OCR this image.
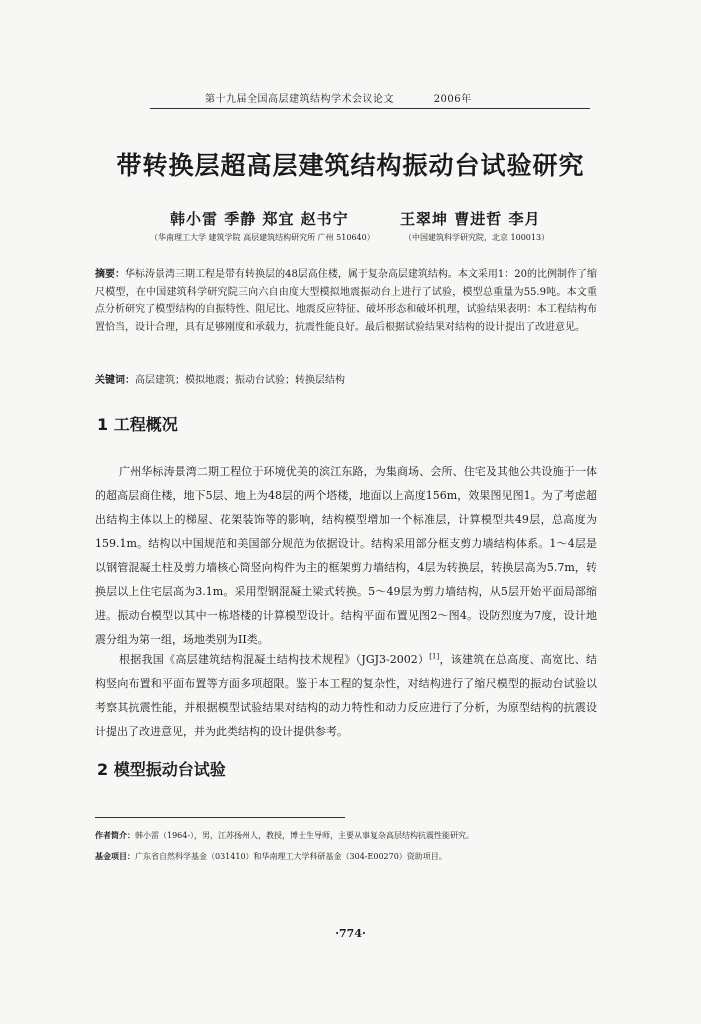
第十九届全国高层建筑结构学术会议论文	2006年
带转换层超高层建筑结构振动台试验研究
韩小雷 季静 郑宜 赵书宁	王翠坤 曹进哲 李月
（华南理工大学 建筑学院 高层建筑结构研究所 广州 510640）	（中国建筑科学研究院，北京 100013）
摘要：华标涛景湾三期工程是带有转换层的48层高住楼，属于复杂高层建筑结构。本文采用1：20的比例制作了缩尺模型，在中国建筑科学研究院三向六自由度大型模拟地震振动台上进行了试验，模型总重量为55.9吨。本文重点分析研究了模型结构的自振特性、阻尼比、地震反应特征、破坏形态和破坏机理，试验结果表明：本工程结构布置恰当，设计合理，具有足够刚度和承载力，抗震性能良好。最后根据试验结果对结构的设计提出了改进意见。
关键词：高层建筑；模拟地震；振动台试验；转换层结构
1 工程概况

广州华标涛景湾二期工程位于环境优美的滨江东路，为集商场、会所、住宅及其他公共设施于一体的超高层商住楼，地下5层、地上为48层的两个塔楼，地面以上高度156m，效果图见图1。为了考虑超出结构主体以上的梯屋、花架装饰等的影响，结构模型增加一个标准层，计算模型共49层，总高度为159.1m。结构以中国规范和美国部分规范为依据设计。结构采用部分框支剪力墙结构体系。1～4层是以钢管混凝土柱及剪力墙核心筒竖向构件为主的框架剪力墙结构，4层为转换层，转换层高为5.7m，转换层以上住宅层高为3.1m。采用型钢混凝土梁式转换。5～49层为剪力墙结构，从5层开始平面局部缩进。振动台模型以其中一栋塔楼的计算模型设计。结构平面布置见图2～图4。设防烈度为7度，设计地震分组为第一组，场地类别为II类。

根据我国《高层建筑结构混凝土结构技术规程》（JGJ3-2002）[1]，该建筑在总高度、高宽比、结构竖向布置和平面布置等方面多项超限。鉴于本工程的复杂性，对结构进行了缩尺模型的振动台试验以考察其抗震性能，并根据模型试验结果对结构的动力特性和动力反应进行了分析，为原型结构的抗震设计提出了改进意见，并为此类结构的设计提供参考。

2 模型振动台试验
作者简介：韩小雷（1964-），男，江苏扬州人，教授，博士生导师，主要从事复杂高层结构抗震性能研究。
基金项目：广东省自然科学基金（031410）和华南理工大学科研基金（304-E00270）资助项目。
·774·
